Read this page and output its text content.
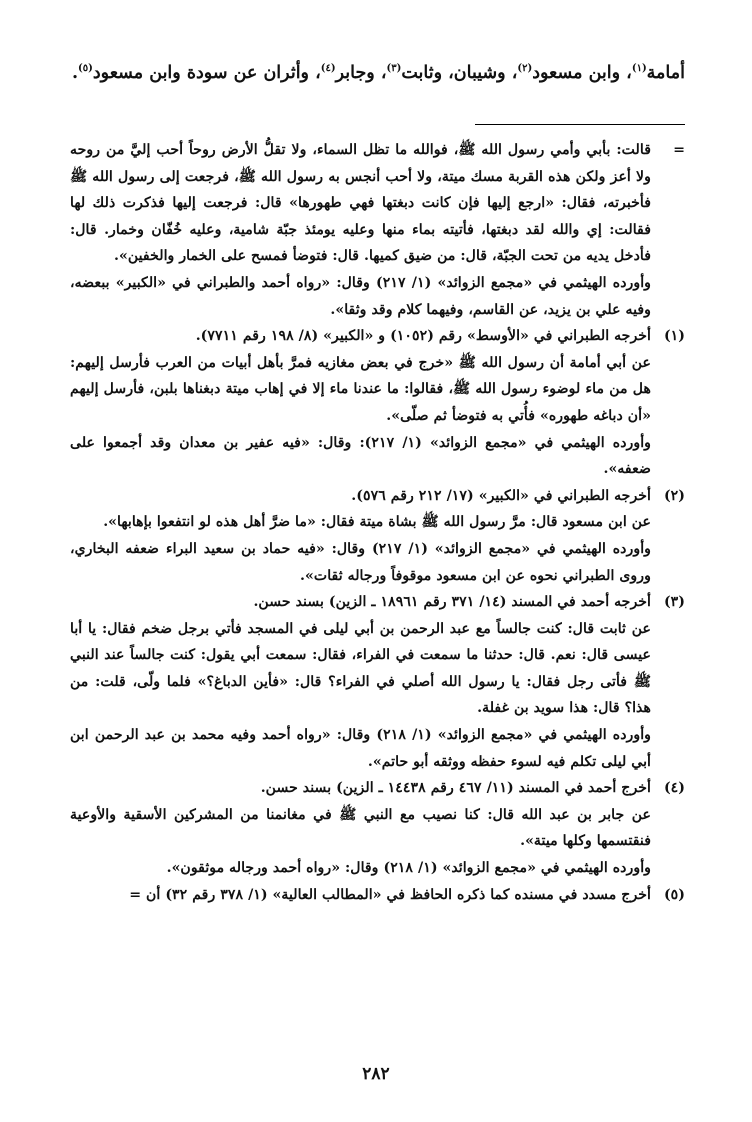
أمامة$^{(١)}$، وابن مسعود$^{(٢)}$، وشيبان، وثابت$^{(٣)}$، وجابر$^{(٤)}$، وأثران عن سودة وابن مسعود$^{(٥)}$.

=

قالت: بأبي وأمي رسول الله ﷺ، فوالله ما تظل السماء، ولا تقلُّ الأرض روحاً أحب إليَّ من روحه ولا أعز ولكن هذه القربة مسك ميتة، ولا أحب أنجس به رسول الله ﷺ، فرجعت إلى رسول الله ﷺ فأخبرته، فقال: «ارجع إليها فإن كانت دبغتها فهي طهورها» قال: فرجعت إليها فذكرت ذلك لها فقالت: إي والله لقد دبغتها، فأتيته بماء منها وعليه يومئذ جبّة شامية، وعليه خُفّان وخمار. قال: فأدخل يديه من تحت الجبّة، قال: من ضيق كميها. قال: فتوضأ فمسح على الخمار والخفين».

وأورده الهيثمي في «مجمع الزوائد» (١/ ٢١٧) وقال: «رواه أحمد والطبراني في «الكبير» ببعضه، وفيه علي بن يزيد، عن القاسم، وفيهما كلام وقد وثقا».

(١)

أخرجه الطبراني في «الأوسط» رقم (١٠٥٢) و «الكبير» (٨/ ١٩٨ رقم ٧٧١١).

عن أبي أمامة أن رسول الله ﷺ «خرج في بعض مغازيه فمرَّ بأهل أبيات من العرب فأرسل إليهم: هل من ماء لوضوء رسول الله ﷺ، فقالوا: ما عندنا ماء إلا في إهاب ميتة دبغناها بلبن، فأرسل إليهم «أن دباغه طهوره» فأُتي به فتوضأ ثم صلّى».

وأورده الهيثمي في «مجمع الزوائد» (١/ ٢١٧): وقال: «فيه عفير بن معدان وقد أجمعوا على ضعفه».

(٢)

أخرجه الطبراني في «الكبير» (١٧/ ٢١٢ رقم ٥٧٦).

عن ابن مسعود قال: مرَّ رسول الله ﷺ بشاة ميتة فقال: «ما ضرَّ أهل هذه لو انتفعوا بإهابها».

وأورده الهيثمي في «مجمع الزوائد» (١/ ٢١٧) وقال: «فيه حماد بن سعيد البراء ضعفه البخاري، وروى الطبراني نحوه عن ابن مسعود موقوفاً ورجاله ثقات».

(٣)

أخرجه أحمد في المسند (١٤/ ٣٧١ رقم ١٨٩٦١ ـ الزين) بسند حسن.

عن ثابت قال: كنت جالساً مع عبد الرحمن بن أبي ليلى في المسجد فأتي برجل ضخم فقال: يا أبا عيسى قال: نعم. قال: حدثنا ما سمعت في الفراء، فقال: سمعت أبي يقول: كنت جالساً عند النبي ﷺ فأتى رجل فقال: يا رسول الله أصلي في الفراء؟ قال: «فأين الدباغ؟» فلما ولّى، قلت: من هذا؟ قال: هذا سويد بن غفلة.

وأورده الهيثمي في «مجمع الزوائد» (١/ ٢١٨) وقال: «رواه أحمد وفيه محمد بن عبد الرحمن ابن أبي ليلى تكلم فيه لسوء حفظه ووثقه أبو حاتم».

(٤)

أخرج أحمد في المسند (١١/ ٤٦٧ رقم ١٤٤٣٨ ـ الزين) بسند حسن.

عن جابر بن عبد الله قال: كنا نصيب مع النبي ﷺ في مغانمنا من المشركين الأسقية والأوعية فنقتسمها وكلها ميتة».

وأورده الهيثمي في «مجمع الزوائد» (١/ ٢١٨) وقال: «رواه أحمد ورجاله موثقون».

(٥)

أخرج مسدد في مسنده كما ذكره الحافظ في «المطالب العالية» (١/ ٣٧٨ رقم ٣٢) أن =

٢٨٢
